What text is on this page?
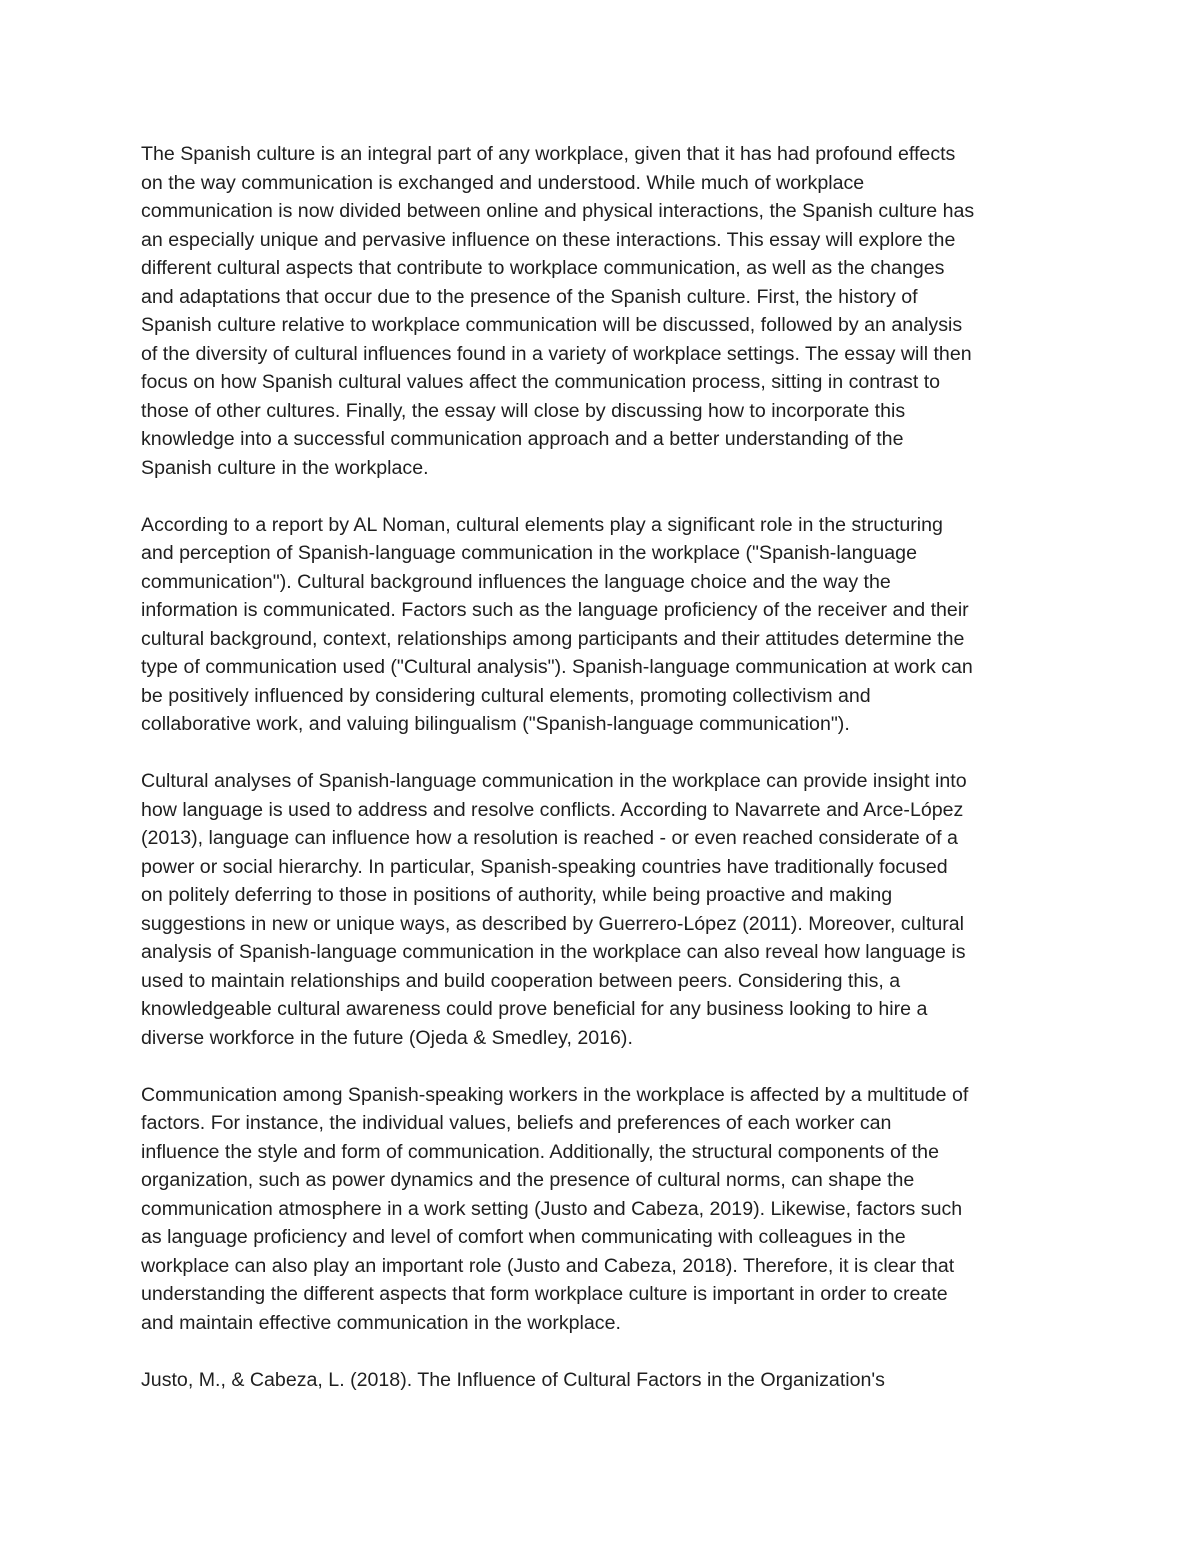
The Spanish culture is an integral part of any workplace, given that it has had profound effects
on the way communication is exchanged and understood. While much of workplace
communication is now divided between online and physical interactions, the Spanish culture has
an especially unique and pervasive influence on these interactions. This essay will explore the
different cultural aspects that contribute to workplace communication, as well as the changes
and adaptations that occur due to the presence of the Spanish culture. First, the history of
Spanish culture relative to workplace communication will be discussed, followed by an analysis
of the diversity of cultural influences found in a variety of workplace settings. The essay will then
focus on how Spanish cultural values affect the communication process, sitting in contrast to
those of other cultures. Finally, the essay will close by discussing how to incorporate this
knowledge into a successful communication approach and a better understanding of the
Spanish culture in the workplace.

According to a report by AL Noman, cultural elements play a significant role in the structuring
and perception of Spanish-language communication in the workplace ("Spanish-language
communication"). Cultural background influences the language choice and the way the
information is communicated. Factors such as the language proficiency of the receiver and their
cultural background, context, relationships among participants and their attitudes determine the
type of communication used ("Cultural analysis"). Spanish-language communication at work can
be positively influenced by considering cultural elements, promoting collectivism and
collaborative work, and valuing bilingualism ("Spanish-language communication").

Cultural analyses of Spanish-language communication in the workplace can provide insight into
how language is used to address and resolve conflicts. According to Navarrete and Arce-López
(2013), language can influence how a resolution is reached - or even reached considerate of a
power or social hierarchy. In particular, Spanish-speaking countries have traditionally focused
on politely deferring to those in positions of authority, while being proactive and making
suggestions in new or unique ways, as described by Guerrero-López (2011). Moreover, cultural
analysis of Spanish-language communication in the workplace can also reveal how language is
used to maintain relationships and build cooperation between peers. Considering this, a
knowledgeable cultural awareness could prove beneficial for any business looking to hire a
diverse workforce in the future (Ojeda & Smedley, 2016).

Communication among Spanish-speaking workers in the workplace is affected by a multitude of
factors. For instance, the individual values, beliefs and preferences of each worker can
influence the style and form of communication. Additionally, the structural components of the
organization, such as power dynamics and the presence of cultural norms, can shape the
communication atmosphere in a work setting (Justo and Cabeza, 2019). Likewise, factors such
as language proficiency and level of comfort when communicating with colleagues in the
workplace can also play an important role (Justo and Cabeza, 2018). Therefore, it is clear that
understanding the different aspects that form workplace culture is important in order to create
and maintain effective communication in the workplace.

Justo, M., & Cabeza, L. (2018). The Influence of Cultural Factors in the Organization's
